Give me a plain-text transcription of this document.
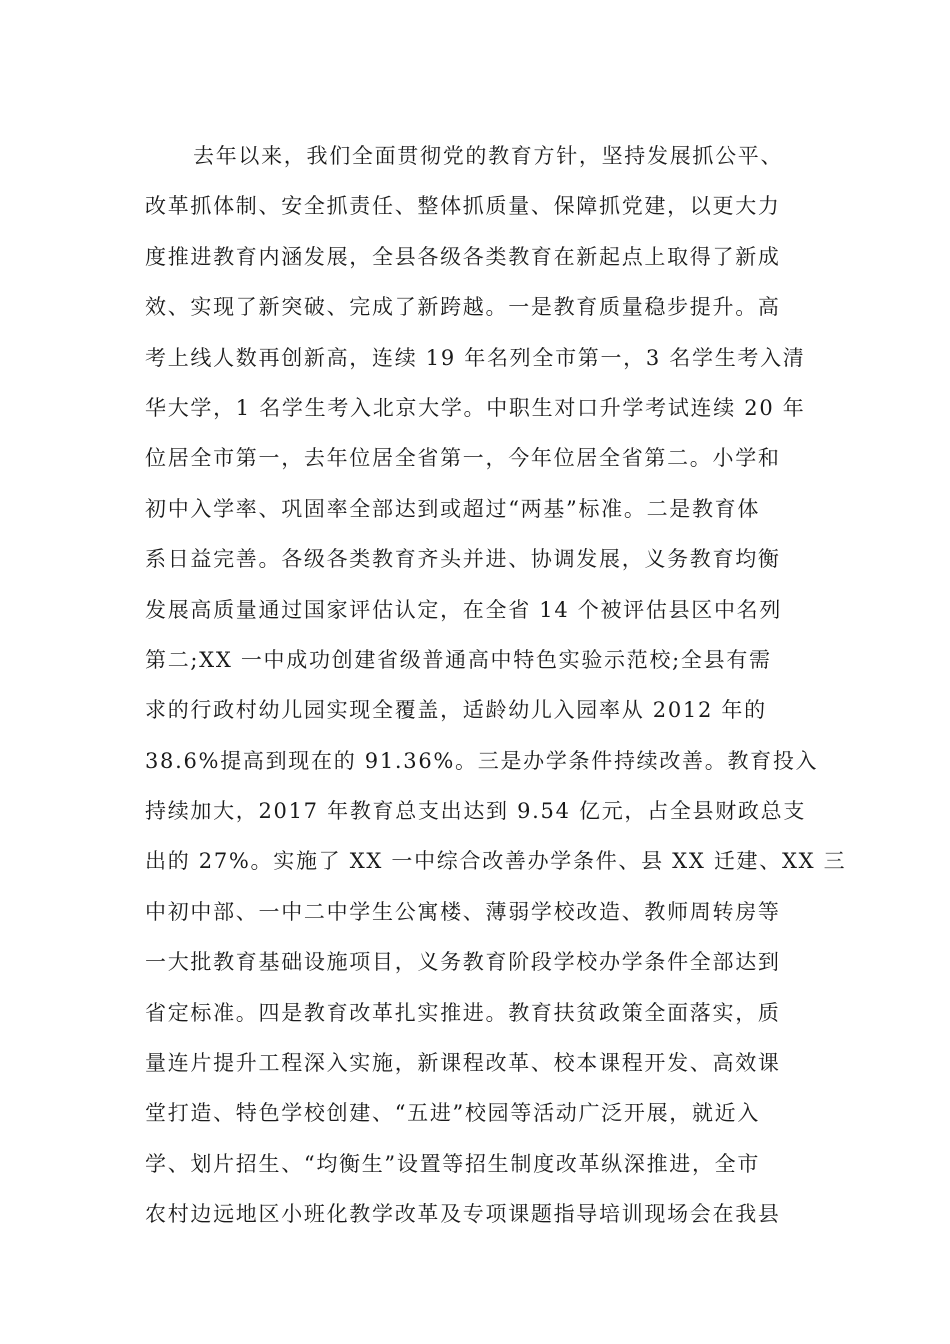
去年以来，我们全面贯彻党的教育方针，坚持发展抓公平、
改革抓体制、安全抓责任、整体抓质量、保障抓党建，以更大力
度推进教育内涵发展，全县各级各类教育在新起点上取得了新成
效、实现了新突破、完成了新跨越。一是教育质量稳步提升。高
考上线人数再创新高，连续 19 年名列全市第一，3 名学生考入清
华大学，1 名学生考入北京大学。中职生对口升学考试连续 20 年
位居全市第一，去年位居全省第一，今年位居全省第二。小学和
初中入学率、巩固率全部达到或超过“两基”标准。二是教育体
系日益完善。各级各类教育齐头并进、协调发展，义务教育均衡
发展高质量通过国家评估认定，在全省 14 个被评估县区中名列
第二;XX 一中成功创建省级普通高中特色实验示范校;全县有需
求的行政村幼儿园实现全覆盖，适龄幼儿入园率从 2012 年的
38.6%提高到现在的 91.36%。三是办学条件持续改善。教育投入
持续加大，2017 年教育总支出达到 9.54 亿元，占全县财政总支
出的 27%。实施了 XX 一中综合改善办学条件、县 XX 迁建、XX 三
中初中部、一中二中学生公寓楼、薄弱学校改造、教师周转房等
一大批教育基础设施项目，义务教育阶段学校办学条件全部达到
省定标准。四是教育改革扎实推进。教育扶贫政策全面落实，质
量连片提升工程深入实施，新课程改革、校本课程开发、高效课
堂打造、特色学校创建、“五进”校园等活动广泛开展，就近入
学、划片招生、“均衡生”设置等招生制度改革纵深推进，全市
农村边远地区小班化教学改革及专项课题指导培训现场会在我县
